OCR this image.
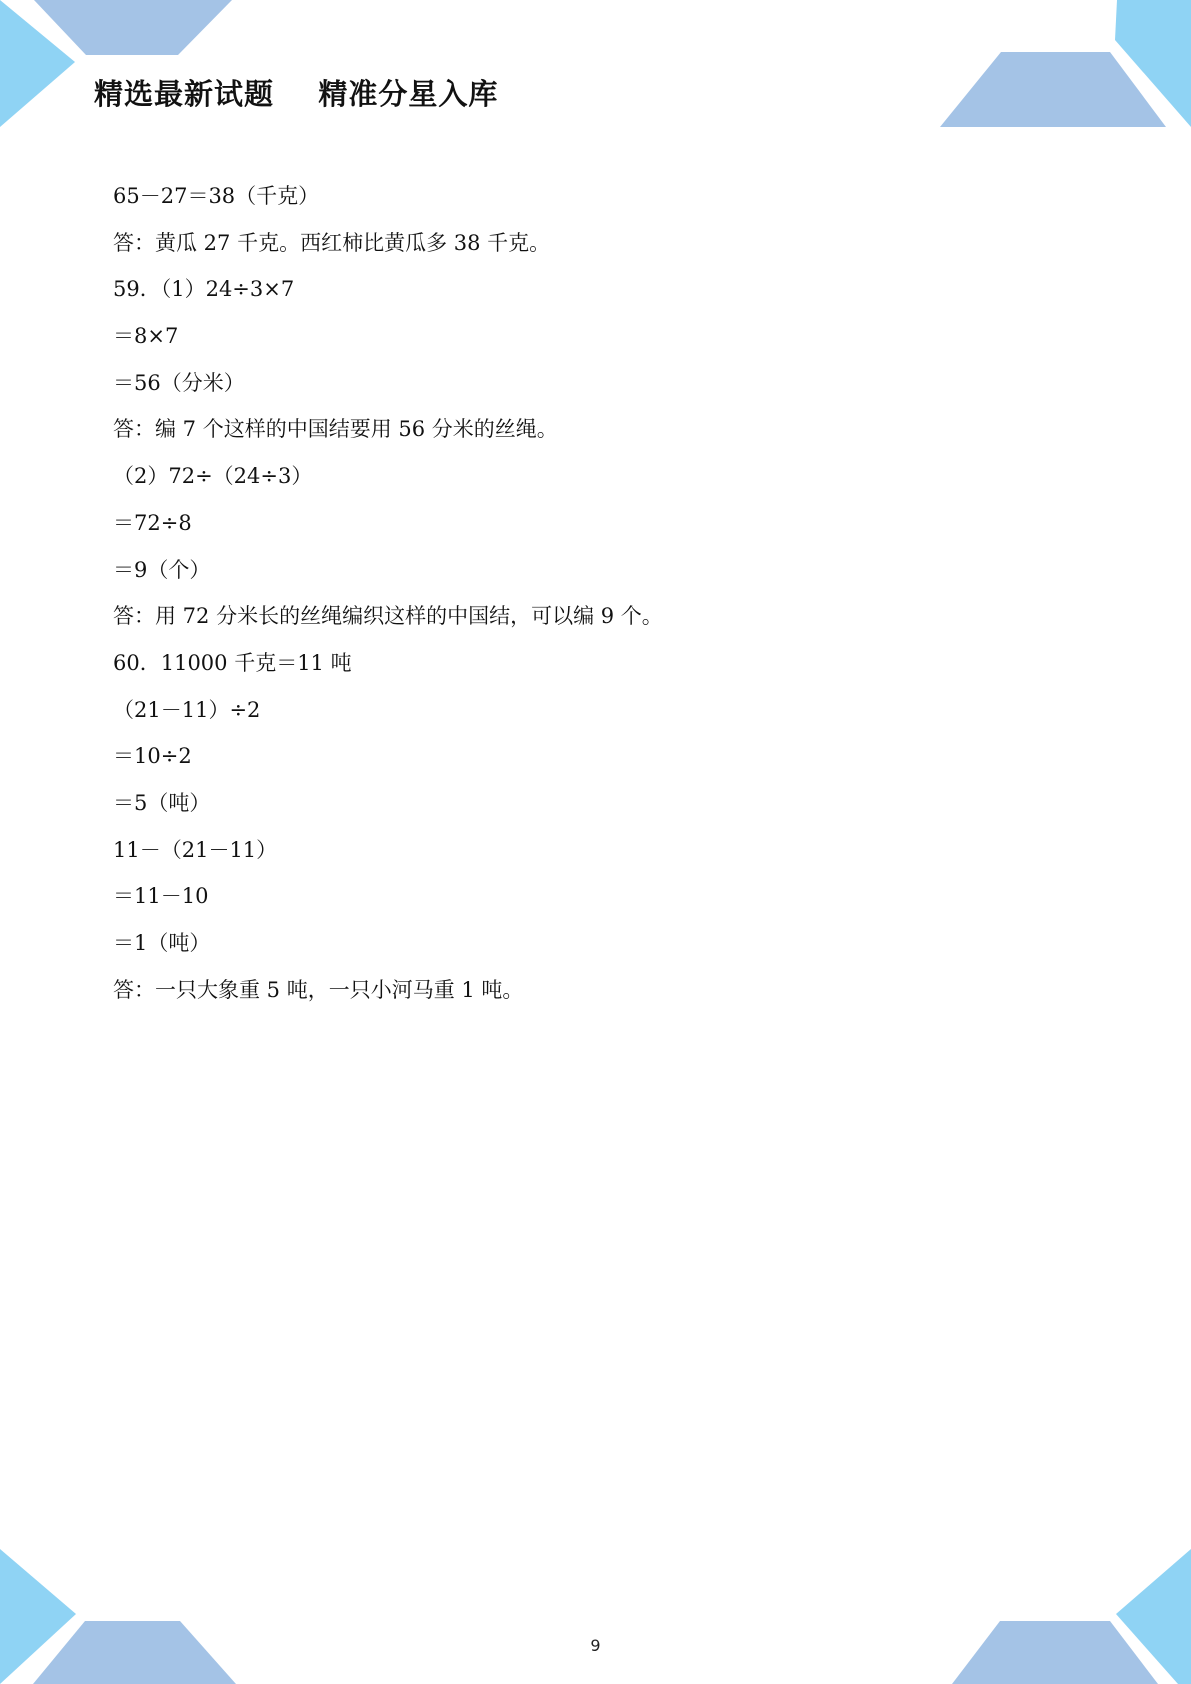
精选最新试题    精准分星入库
65－27＝38（千克）
答：黄瓜 27 千克。西红柿比黄瓜多 38 千克。
59．（1）24÷3×7
＝8×7
＝56（分米）
答：编 7 个这样的中国结要用 56 分米的丝绳。
（2）72÷（24÷3）
＝72÷8
＝9（个）
答：用 72 分米长的丝绳编织这样的中国结，可以编 9 个。
60．11000 千克＝11 吨
（21－11）÷2
＝10÷2
＝5（吨）
11－（21－11）
＝11－10
＝1（吨）
答：一只大象重 5 吨，一只小河马重 1 吨。
9
